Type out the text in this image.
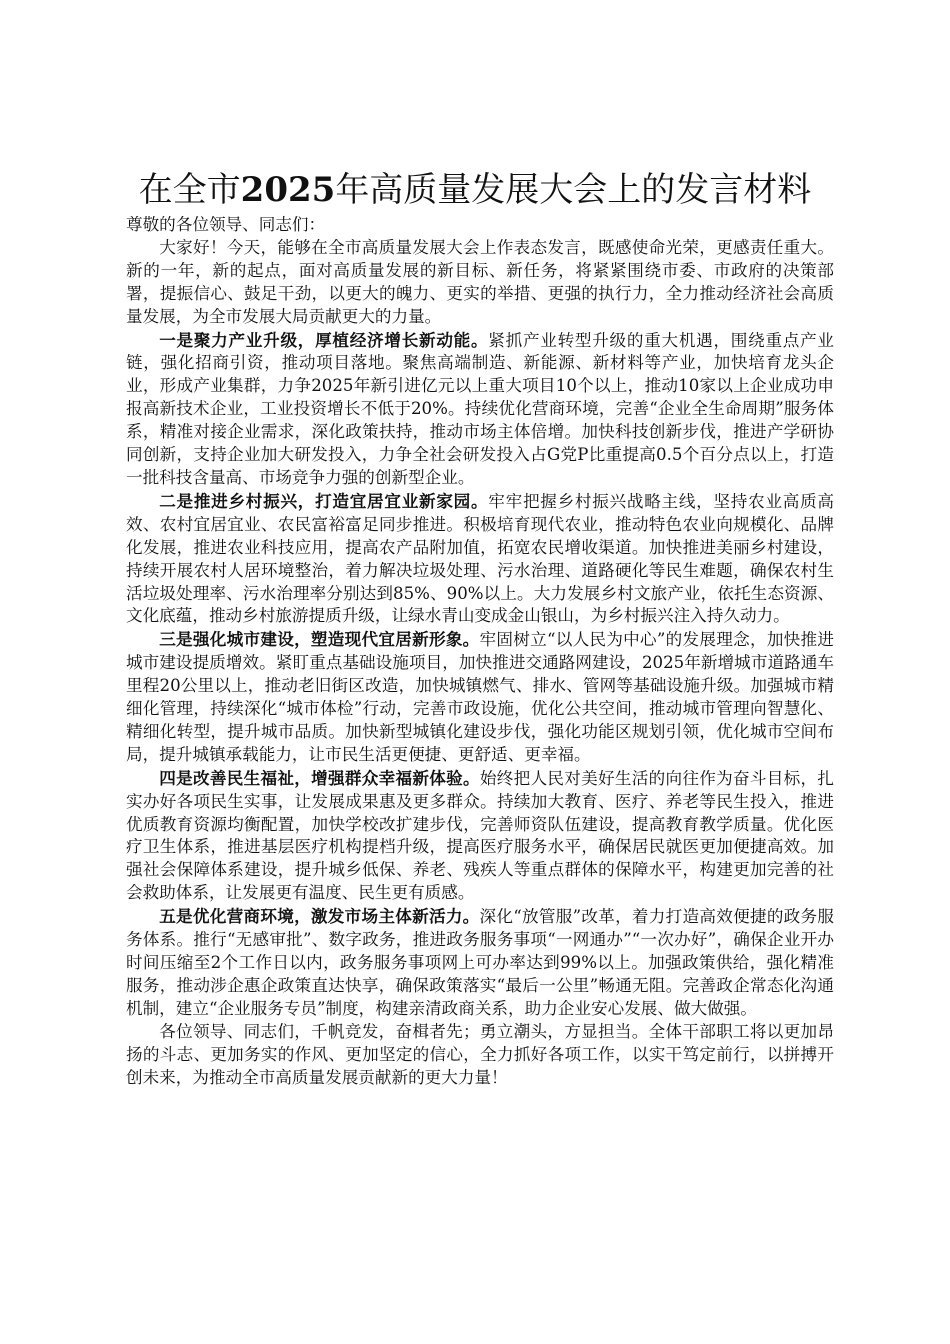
在全市2025年高质量发展大会上的发言材料

尊敬的各位领导、同志们：

大家好！今天，能够在全市高质量发展大会上作表态发言，既感使命光荣，更感责任重大。新的一年，新的起点，面对高质量发展的新目标、新任务，将紧紧围绕市委、市政府的决策部署，提振信心、鼓足干劲，以更大的魄力、更实的举措、更强的执行力，全力推动经济社会高质量发展，为全市发展大局贡献更大的力量。

一是聚力产业升级，厚植经济增长新动能。紧抓产业转型升级的重大机遇，围绕重点产业链，强化招商引资，推动项目落地。聚焦高端制造、新能源、新材料等产业，加快培育龙头企业，形成产业集群，力争2025年新引进亿元以上重大项目10个以上，推动10家以上企业成功申报高新技术企业，工业投资增长不低于20%。持续优化营商环境，完善“企业全生命周期”服务体系，精准对接企业需求，深化政策扶持，推动市场主体倍增。加快科技创新步伐，推进产学研协同创新，支持企业加大研发投入，力争全社会研发投入占G党P比重提高0.5个百分点以上，打造一批科技含量高、市场竞争力强的创新型企业。

二是推进乡村振兴，打造宜居宜业新家园。牢牢把握乡村振兴战略主线，坚持农业高质高效、农村宜居宜业、农民富裕富足同步推进。积极培育现代农业，推动特色农业向规模化、品牌化发展，推进农业科技应用，提高农产品附加值，拓宽农民增收渠道。加快推进美丽乡村建设，持续开展农村人居环境整治，着力解决垃圾处理、污水治理、道路硬化等民生难题，确保农村生活垃圾处理率、污水治理率分别达到85%、90%以上。大力发展乡村文旅产业，依托生态资源、文化底蕴，推动乡村旅游提质升级，让绿水青山变成金山银山，为乡村振兴注入持久动力。

三是强化城市建设，塑造现代宜居新形象。牢固树立“以人民为中心”的发展理念，加快推进城市建设提质增效。紧盯重点基础设施项目，加快推进交通路网建设，2025年新增城市道路通车里程20公里以上，推动老旧街区改造，加快城镇燃气、排水、管网等基础设施升级。加强城市精细化管理，持续深化“城市体检”行动，完善市政设施，优化公共空间，推动城市管理向智慧化、精细化转型，提升城市品质。加快新型城镇化建设步伐，强化功能区规划引领，优化城市空间布局，提升城镇承载能力，让市民生活更便捷、更舒适、更幸福。

四是改善民生福祉，增强群众幸福新体验。始终把人民对美好生活的向往作为奋斗目标，扎实办好各项民生实事，让发展成果惠及更多群众。持续加大教育、医疗、养老等民生投入，推进优质教育资源均衡配置，加快学校改扩建步伐，完善师资队伍建设，提高教育教学质量。优化医疗卫生体系，推进基层医疗机构提档升级，提高医疗服务水平，确保居民就医更加便捷高效。加强社会保障体系建设，提升城乡低保、养老、残疾人等重点群体的保障水平，构建更加完善的社会救助体系，让发展更有温度、民生更有质感。

五是优化营商环境，激发市场主体新活力。深化“放管服”改革，着力打造高效便捷的政务服务体系。推行“无感审批”、数字政务，推进政务服务事项“一网通办”“一次办好”，确保企业开办时间压缩至2个工作日以内，政务服务事项网上可办率达到99%以上。加强政策供给，强化精准服务，推动涉企惠企政策直达快享，确保政策落实“最后一公里”畅通无阻。完善政企常态化沟通机制，建立“企业服务专员”制度，构建亲清政商关系，助力企业安心发展、做大做强。

各位领导、同志们，千帆竞发，奋楫者先；勇立潮头，方显担当。全体干部职工将以更加昂扬的斗志、更加务实的作风、更加坚定的信心，全力抓好各项工作，以实干笃定前行，以拼搏开创未来，为推动全市高质量发展贡献新的更大力量！
